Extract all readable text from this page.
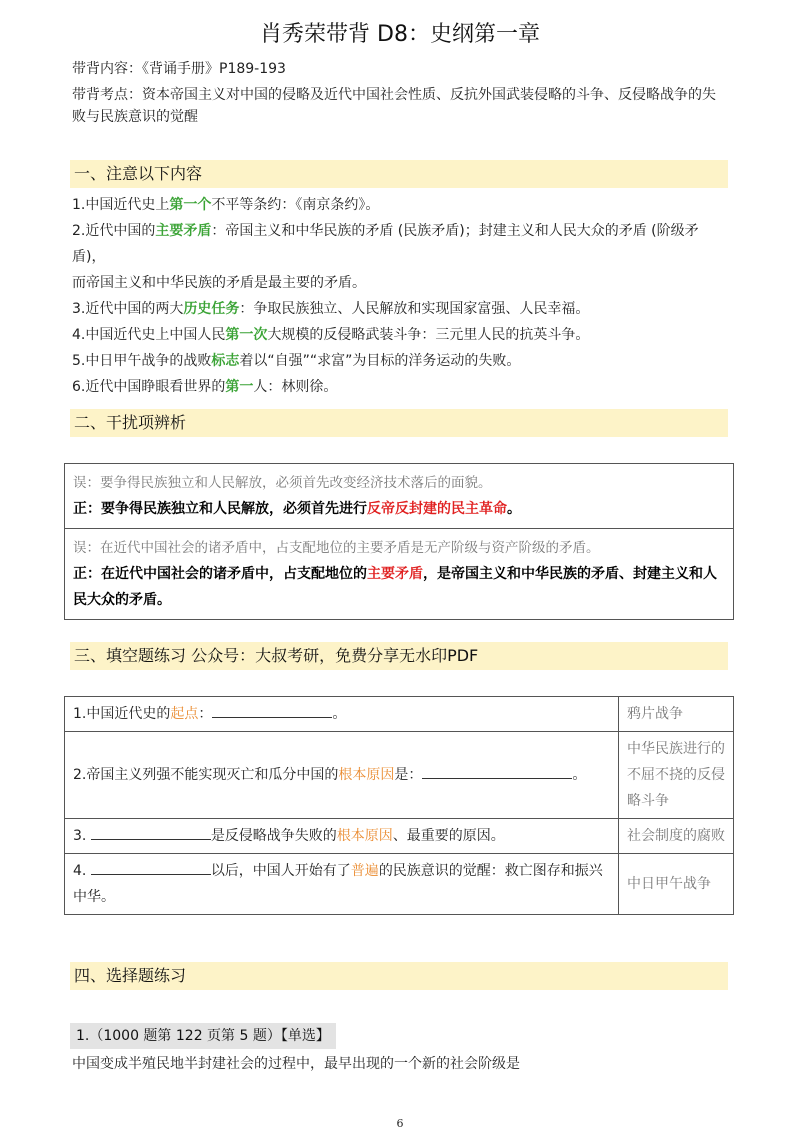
肖秀荣带背 D8：史纲第一章
带背内容：《背诵手册》P189-193
带背考点：资本帝国主义对中国的侵略及近代中国社会性质、反抗外国武装侵略的斗争、反侵略战争的失
败与民族意识的觉醒
一、注意以下内容
1.中国近代史上第一个不平等条约：《南京条约》。
2.近代中国的主要矛盾：帝国主义和中华民族的矛盾 (民族矛盾)；封建主义和人民大众的矛盾 (阶级矛盾)，
而帝国主义和中华民族的矛盾是最主要的矛盾。
3.近代中国的两大历史任务：争取民族独立、人民解放和实现国家富强、人民幸福。
4.中国近代史上中国人民第一次大规模的反侵略武装斗争：三元里人民的抗英斗争。
5.中日甲午战争的战败标志着以“自强”“求富”为目标的洋务运动的失败。
6.近代中国睁眼看世界的第一人：林则徐。
二、干扰项辨析
误：要争得民族独立和人民解放，必须首先改变经济技术落后的面貌。
正：要争得民族独立和人民解放，必须首先进行反帝反封建的民主革命。
误：在近代中国社会的诸矛盾中，占支配地位的主要矛盾是无产阶级与资产阶级的矛盾。
正：在近代中国社会的诸矛盾中，占支配地位的主要矛盾，是帝国主义和中华民族的矛盾、封建主义和人
民大众的矛盾。
三、填空题练习 公众号：大叔考研，免费分享无水印PDF
1.中国近代史的起点： 。	鸦片战争
2.帝国主义列强不能实现灭亡和瓜分中国的根本原因是： 。	中华民族进行的不屈不挠的反侵略斗争
3. 是反侵略战争失败的根本原因、最重要的原因。	社会制度的腐败
4. 以后，中国人开始有了普遍的民族意识的觉醒：救亡图存和振兴
中华。	中日甲午战争
四、选择题练习
1.（1000 题第 122 页第 5 题）【单选】
中国变成半殖民地半封建社会的过程中，最早出现的一个新的社会阶级是
6
